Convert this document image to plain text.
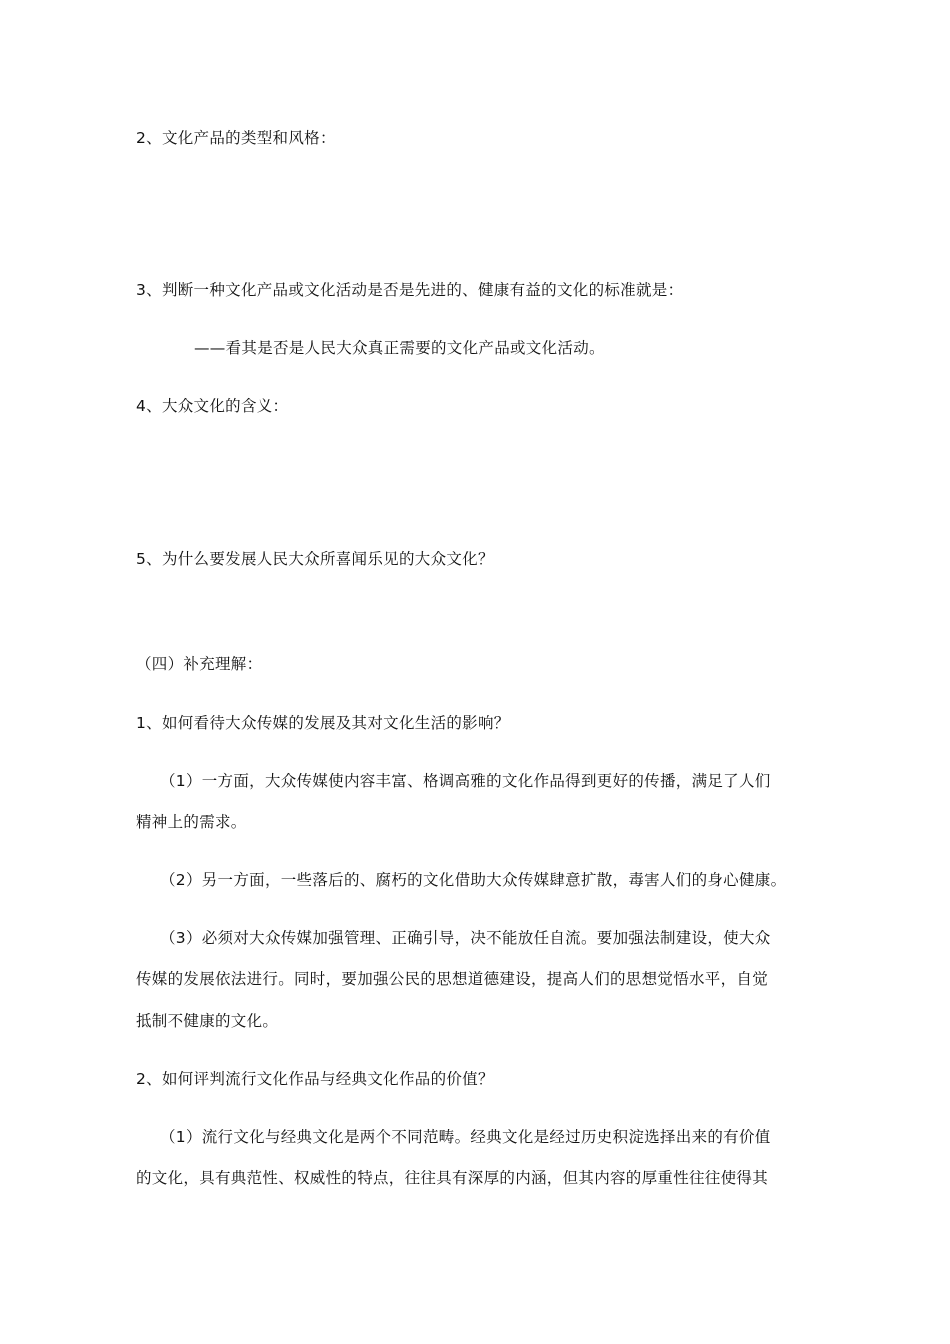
2、文化产品的类型和风格：
3、判断一种文化产品或文化活动是否是先进的、健康有益的文化的标准就是：
——看其是否是人民大众真正需要的文化产品或文化活动。
4、大众文化的含义：
5、为什么要发展人民大众所喜闻乐见的大众文化？
（四）补充理解：
1、如何看待大众传媒的发展及其对文化生活的影响？
（1）一方面，大众传媒使内容丰富、格调高雅的文化作品得到更好的传播，满足了人们
精神上的需求。
（2）另一方面，一些落后的、腐朽的文化借助大众传媒肆意扩散，毒害人们的身心健康。
（3）必须对大众传媒加强管理、正确引导，决不能放任自流。要加强法制建设，使大众
传媒的发展依法进行。同时，要加强公民的思想道德建设，提高人们的思想觉悟水平，自觉
抵制不健康的文化。
2、如何评判流行文化作品与经典文化作品的价值？
（1）流行文化与经典文化是两个不同范畴。经典文化是经过历史积淀选择出来的有价值
的文化，具有典范性、权威性的特点，往往具有深厚的内涵，但其内容的厚重性往往使得其
